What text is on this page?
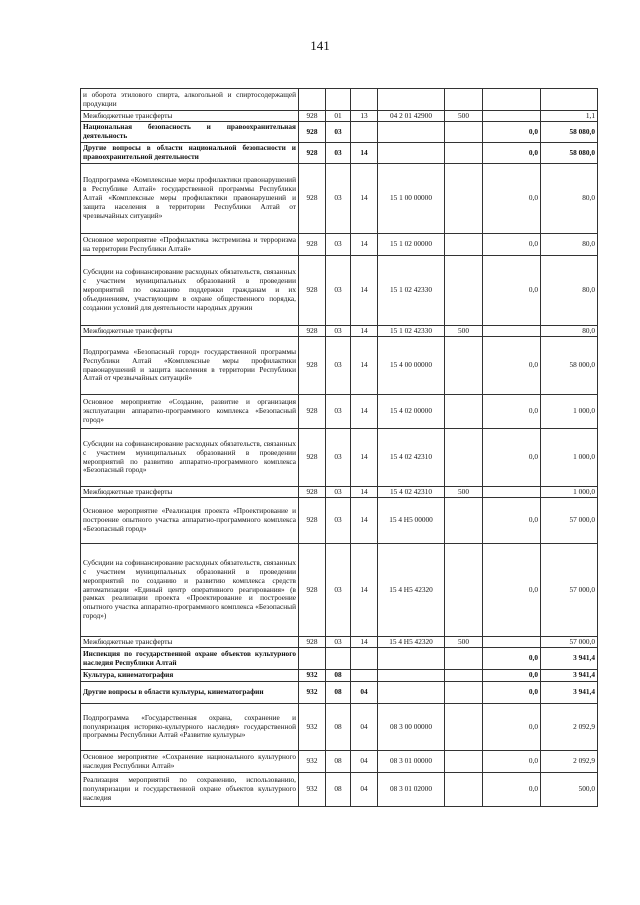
141
и оборота этилового спирта, алкогольной и спиртосодержащей продукции							
Межбюджетные трансферты	928	01	13	04 2 01 42900	500		1,1
Национальная безопасность и правоохранительная деятельность	928	03				0,0	58 080,0
Другие вопросы в области национальной безопасности и правоохранительной деятельности	928	03	14			0,0	58 080,0
Подпрограмма «Комплексные меры профилактики правонарушений в Республике Алтай» государственной программы Республики Алтай «Комплексные меры профилактики правонарушений и защита населения в территории Республики Алтай от чрезвычайных ситуаций»	928	03	14	15 1 00 00000		0,0	80,0
Основное мероприятие «Профилактика экстремизма и терроризма на территории Республики Алтай»	928	03	14	15 1 02 00000		0,0	80,0
Субсидии на софинансирование расходных обязательств, связанных с участием муниципальных образований в проведении мероприятий по оказанию поддержки гражданам и их объединениям, участвующим в охране общественного порядка, создании условий для деятельности народных дружин	928	03	14	15 1 02 42330		0,0	80,0
Межбюджетные трансферты	928	03	14	15 1 02 42330	500		80,0
Подпрограмма «Безопасный город» государственной программы Республики Алтай «Комплексные меры профилактики правонарушений и защита населения в территории Республики Алтай от чрезвычайных ситуаций»	928	03	14	15 4 00 00000		0,0	58 000,0
Основное мероприятие «Создание, развитие и организация эксплуатации аппаратно-программного комплекса «Безопасный город»	928	03	14	15 4 02 00000		0,0	1 000,0
Субсидии на софинансирование расходных обязательств, связанных с участием муниципальных образований в проведении мероприятий по развитию аппаратно-программного комплекса «Безопасный город»	928	03	14	15 4 02 42310		0,0	1 000,0
Межбюджетные трансферты	928	03	14	15 4 02 42310	500		1 000,0
Основное мероприятие «Реализация проекта «Проектирование и построение опытного участка аппаратно-программного комплекса «Безопасный город»	928	03	14	15 4 Н5 00000		0,0	57 000,0
Субсидии на софинансирование расходных обязательств, связанных с участием муниципальных образований в проведении мероприятий по созданию и развитию комплекса средств автоматизации «Единый центр оперативного реагирования» (в рамках реализации проекта «Проектирование и построение опытного участка аппаратно-программного комплекса «Безопасный город»)	928	03	14	15 4 Н5 42320		0,0	57 000,0
Межбюджетные трансферты	928	03	14	15 4 Н5 42320	500		57 000,0
Инспекция по государственной охране объектов культурного наследия Республики Алтай						0,0	3 941,4
Культура, кинематография	932	08				0,0	3 941,4
Другие вопросы в области культуры, кинематографии	932	08	04			0,0	3 941,4
Подпрограмма «Государственная охрана, сохранение и популяризация историко-культурного наследия» государственной программы Республики Алтай «Развитие культуры»	932	08	04	08 3 00 00000		0,0	2 092,9
Основное мероприятие «Сохранение национального культурного наследия Республики Алтай»	932	08	04	08 3 01 00000		0,0	2 092,9
Реализация мероприятий по сохранению, использованию, популяризации и государственной охране объектов культурного наследия	932	08	04	08 3 01 02000		0,0	500,0
